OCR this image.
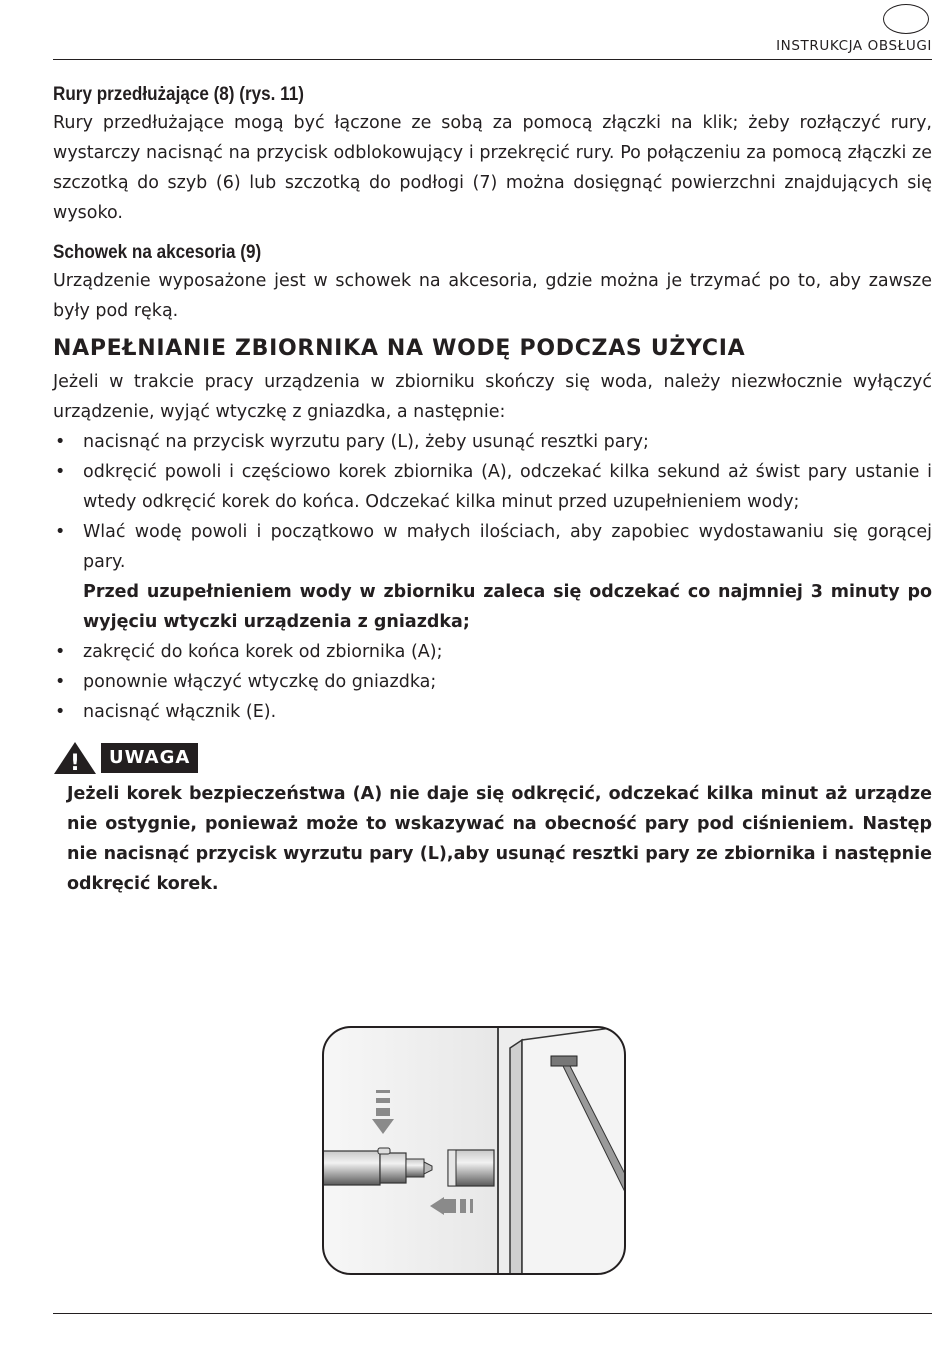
INSTRUKCJA OBSŁUGI
Rury przedłużające (8) (rys. 11)

Rury przedłużające mogą być łączone ze sobą za pomocą złączki na klik; żeby rozłączyć rury, wystarczy nacisnąć na przycisk odblokowujący i przekręcić rury. Po połączeniu za pomocą złączki ze szczotką do szyb (6) lub szczotką do podłogi (7) można dosięgnąć powierzchni znajdujących się wysoko.

Schowek na akcesoria (9)

Urządzenie wyposażone jest w schowek na akcesoria, gdzie można je trzymać po to, aby zawsze były pod ręką.

NAPEŁNIANIE ZBIORNIKA NA WODĘ PODCZAS UŻYCIA

Jeżeli w trakcie pracy urządzenia w zbiorniku skończy się woda, należy niezwłocznie wyłączyć urządzenie, wyjąć wtyczkę z gniazdka, a następnie:

• nacisnąć na przycisk wyrzutu pary (L), żeby usunąć resztki pary;
• odkręcić powoli i częściowo korek zbiornika (A), odczekać kilka sekund aż świst pary ustanie i wtedy odkręcić korek do końca. Odczekać kilka minut przed uzupełnieniem wody;
• Wlać wodę powoli i początkowo w małych ilościach, aby zapobiec wydostawaniu się gorącej pary.
Przed uzupełnieniem wody w zbiorniku zaleca się odczekać co najmniej 3 minuty po wyjęciu wtyczki urządzenia z gniazdka;
• zakręcić do końca korek od zbiornika (A);
• ponownie włączyć wtyczkę do gniazdka;
• nacisnąć włącznik (E).
!	UWAGA

Jeżeli korek bezpieczeństwa (A) nie daje się odkręcić, odczekać kilka minut aż urządze nie ostygnie, ponieważ może to wskazywać na obecność pary pod ciśnieniem. Następ nie nacisnąć przycisk wyrzutu pary (L),aby usunąć resztki pary ze zbiornika i następnie odkręcić korek.
